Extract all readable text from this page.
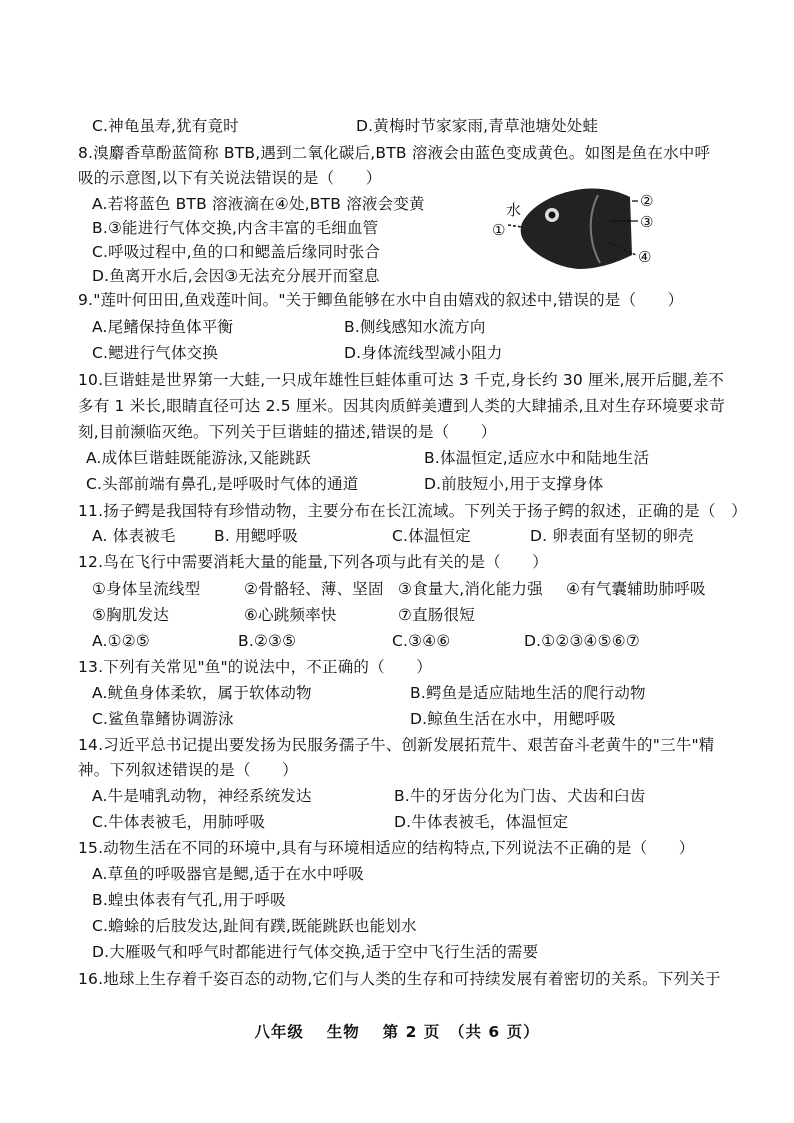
C.神龟虽寿,犹有竟时	D.黄梅时节家家雨,青草池塘处处蛙
8.溴麝香草酚蓝简称 BTB,遇到二氧化碳后,BTB 溶液会由蓝色变成黄色。如图是鱼在水中呼
吸的示意图,以下有关说法错误的是（　　）
A.若将蓝色 BTB 溶液滴在④处,BTB 溶液会变黄
B.③能进行气体交换,内含丰富的毛细血管
C.呼吸过程中,鱼的口和鳃盖后缘同时张合
D.鱼离开水后,会因③无法充分展开而窒息
水
①
②
③
④
9."莲叶何田田,鱼戏莲叶间。"关于鲫鱼能够在水中自由嬉戏的叙述中,错误的是（　　）
A.尾鳍保持鱼体平衡	B.侧线感知水流方向
C.鳃进行气体交换	D.身体流线型减小阻力
10.巨谐蛙是世界第一大蛙,一只成年雄性巨蛙体重可达 3 千克,身长约 30 厘米,展开后腿,差不
多有 1 米长,眼睛直径可达 2.5 厘米。因其肉质鲜美遭到人类的大肆捕杀,且对生存环境要求苛
刻,目前濒临灭绝。下列关于巨谐蛙的描述,错误的是（　　）
A.成体巨谐蛙既能游泳,又能跳跃	B.体温恒定,适应水中和陆地生活
C.头部前端有鼻孔,是呼吸时气体的通道	D.前肢短小,用于支撑身体
11.扬子鳄是我国特有珍惜动物，主要分布在长江流域。下列关于扬子鳄的叙述，正确的是（　）
A. 体表被毛 B. 用鳃呼吸	C.体温恒定	D. 卵表面有坚韧的卵壳
12.鸟在飞行中需要消耗大量的能量,下列各项与此有关的是（　　）
①身体呈流线型	②骨骼轻、薄、坚固 ③食量大,消化能力强 ④有气囊辅助肺呼吸
⑤胸肌发达	⑥心跳频率快	⑦直肠很短
A.①②⑤	B.②③⑤	C.③④⑥	D.①②③④⑤⑥⑦
13.下列有关常见"鱼"的说法中，不正确的（　　）
A.鱿鱼身体柔软，属于软体动物	B.鳄鱼是适应陆地生活的爬行动物
C.鲨鱼靠鳍协调游泳	D.鲸鱼生活在水中，用鳃呼吸
14.习近平总书记提出要发扬为民服务孺子牛、创新发展拓荒牛、艰苦奋斗老黄牛的"三牛"精
神。下列叙述错误的是（　　）
A.牛是哺乳动物，神经系统发达	B.牛的牙齿分化为门齿、犬齿和臼齿
C.牛体表被毛，用肺呼吸	D.牛体表被毛，体温恒定
15.动物生活在不同的环境中,具有与环境相适应的结构特点,下列说法不正确的是（　　）
A.草鱼的呼吸器官是鳃,适于在水中呼吸
B.蝗虫体表有气孔,用于呼吸
C.蟾蜍的后肢发达,趾间有蹼,既能跳跃也能划水
D.大雁吸气和呼气时都能进行气体交换,适于空中飞行生活的需要
16.地球上生存着千姿百态的动物,它们与人类的生存和可持续发展有着密切的关系。下列关于
八年级　 生物　 第 2 页　（共 6 页）
